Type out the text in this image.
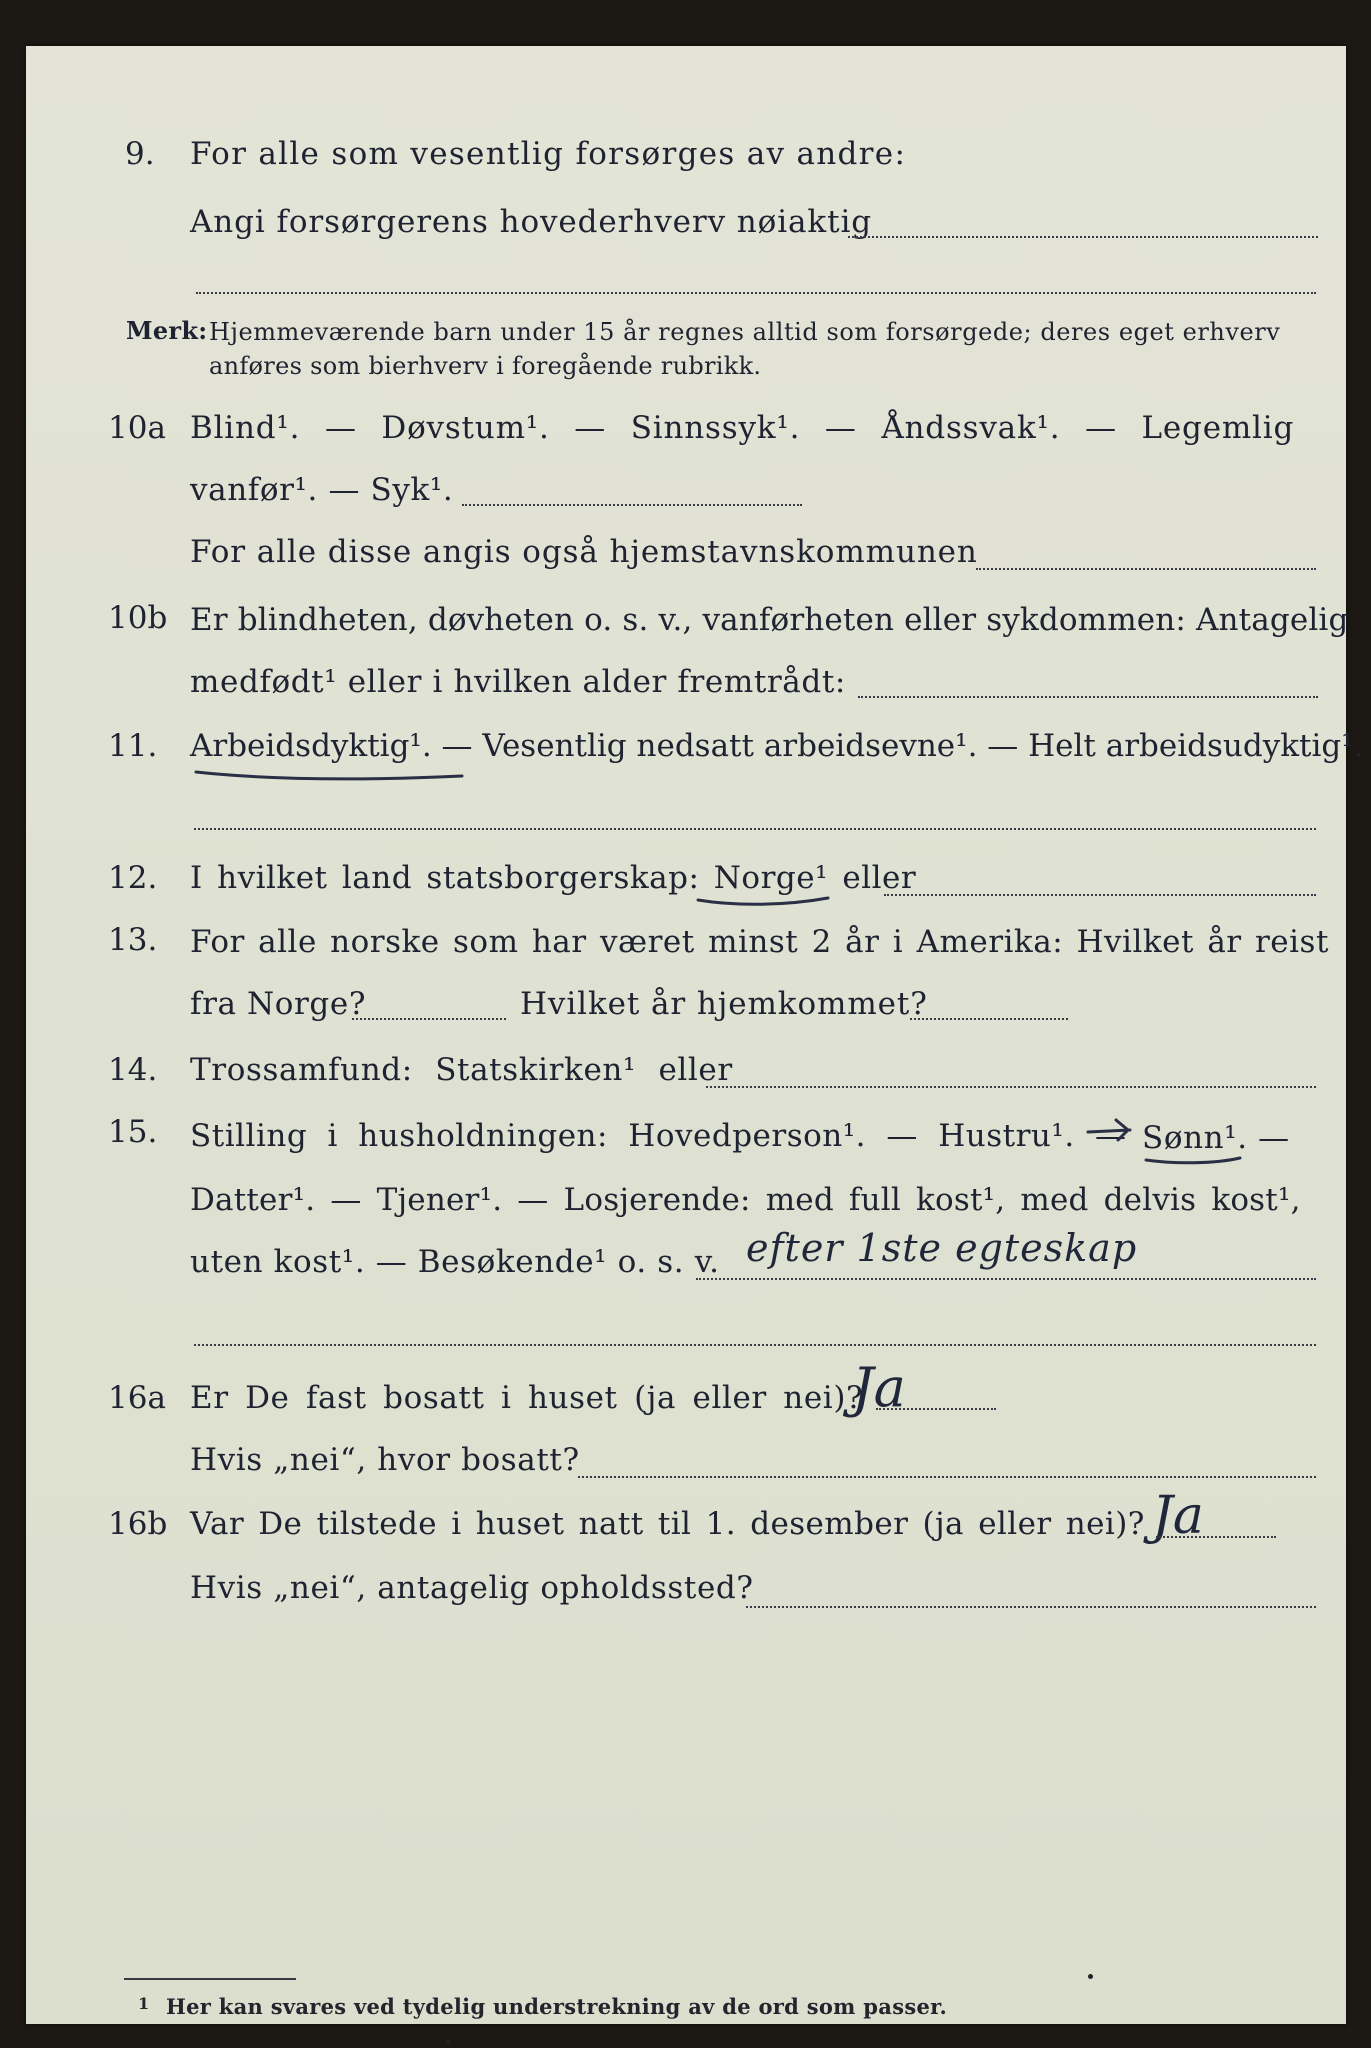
9. For alle som vesentlig forsørges av andre:
Angi forsørgerens hovederhverv nøiaktig
Merk: Hjemmeværende barn under 15 år regnes alltid som forsørgede; deres eget erhverv
anføres som bierhverv i foregående rubrikk.
10a Blind¹. — Døvstum¹. — Sinnssyk¹. — Åndssvak¹. — Legemlig
vanfør¹. — Syk¹.
For alle disse angis også hjemstavnskommunen
10b Er blindheten, døvheten o. s. v., vanførheten eller sykdommen: Antagelig
medfødt¹ eller i hvilken alder fremtrådt:
11. Arbeidsdyktig¹. — Vesentlig nedsatt arbeidsevne¹. — Helt arbeidsudyktig¹.
12. I hvilket land statsborgerskap: Norge¹ eller
13. For alle norske som har været minst 2 år i Amerika: Hvilket år reist
fra Norge?	Hvilket år hjemkommet?
14. Trossamfund: Statskirken¹ eller
15. Stilling i husholdningen: Hovedperson¹. — Hustru¹. — Sønn¹. —
Datter¹. — Tjener¹. — Losjerende: med full kost¹, med delvis kost¹,
uten kost¹. — Besøkende¹ o. s. v. efter 1ste egteskap
16a Er De fast bosatt i huset (ja eller nei)?
Ja
Hvis „nei“, hvor bosatt?
16b Var De tilstede i huset natt til 1. desember (ja eller nei)? Ja
Hvis „nei“, antagelig opholdssted?
1 Her kan svares ved tydelig understrekning av de ord som passer.
